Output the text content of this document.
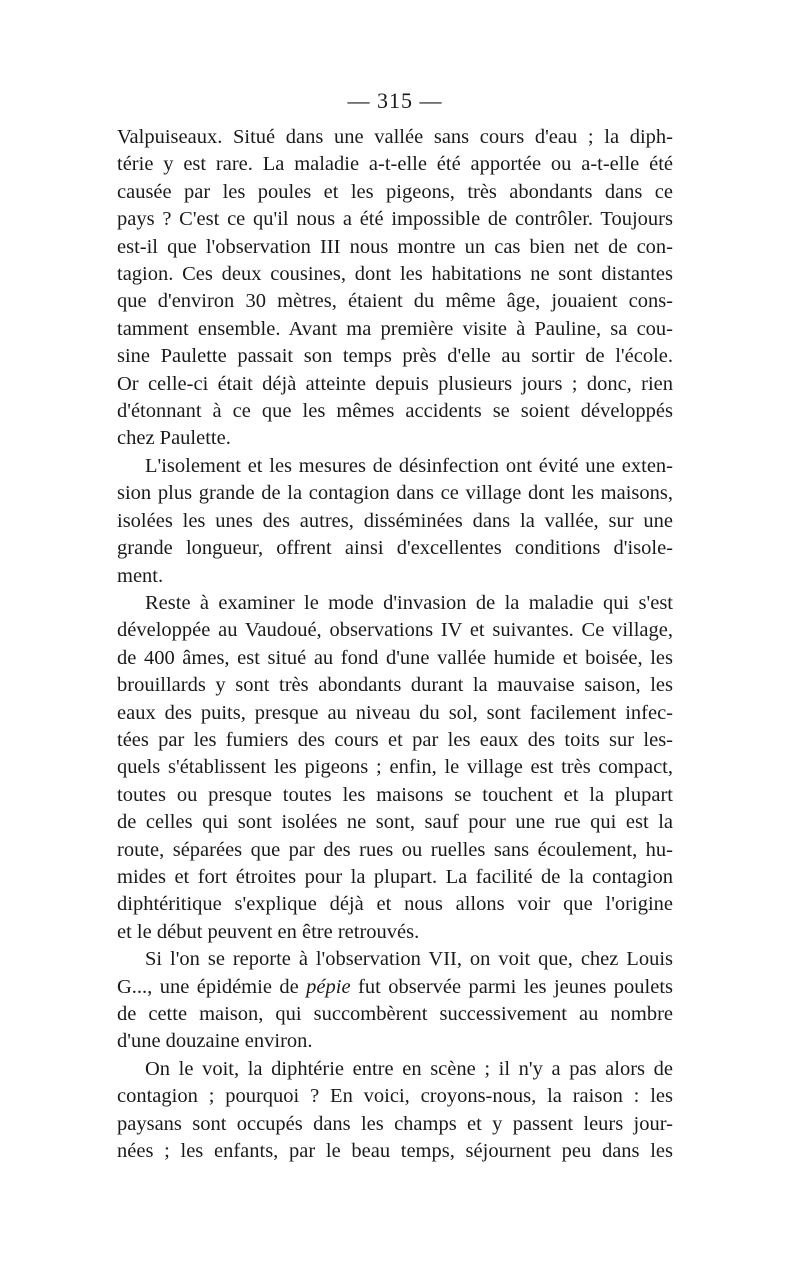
— 315 —

Valpuiseaux. Situé dans une vallée sans cours d'eau ; la diph-
térie y est rare. La maladie a-t-elle été apportée ou a-t-elle été
causée par les poules et les pigeons, très abondants dans ce
pays ? C'est ce qu'il nous a été impossible de contrôler. Toujours
est-il que l'observation III nous montre un cas bien net de con-
tagion. Ces deux cousines, dont les habitations ne sont distantes
que d'environ 30 mètres, étaient du même âge, jouaient cons-
tamment ensemble. Avant ma première visite à Pauline, sa cou-
sine Paulette passait son temps près d'elle au sortir de l'école.
Or celle-ci était déjà atteinte depuis plusieurs jours ; donc, rien
d'étonnant à ce que les mêmes accidents se soient développés
chez Paulette.

L'isolement et les mesures de désinfection ont évité une exten-
sion plus grande de la contagion dans ce village dont les maisons,
isolées les unes des autres, disséminées dans la vallée, sur une
grande longueur, offrent ainsi d'excellentes conditions d'isole-
ment.

Reste à examiner le mode d'invasion de la maladie qui s'est
développée au Vaudoué, observations IV et suivantes. Ce village,
de 400 âmes, est situé au fond d'une vallée humide et boisée, les
brouillards y sont très abondants durant la mauvaise saison, les
eaux des puits, presque au niveau du sol, sont facilement infec-
tées par les fumiers des cours et par les eaux des toits sur les-
quels s'établissent les pigeons ; enfin, le village est très compact,
toutes ou presque toutes les maisons se touchent et la plupart
de celles qui sont isolées ne sont, sauf pour une rue qui est la
route, séparées que par des rues ou ruelles sans écoulement, hu-
mides et fort étroites pour la plupart. La facilité de la contagion
diphtéritique s'explique déjà et nous allons voir que l'origine
et le début peuvent en être retrouvés.

Si l'on se reporte à l'observation VII, on voit que, chez Louis
G..., une épidémie de pépie fut observée parmi les jeunes poulets
de cette maison, qui succombèrent successivement au nombre
d'une douzaine environ.

On le voit, la diphtérie entre en scène ; il n'y a pas alors de
contagion ; pourquoi ? En voici, croyons-nous, la raison : les
paysans sont occupés dans les champs et y passent leurs jour-
nées ; les enfants, par le beau temps, séjournent peu dans les
